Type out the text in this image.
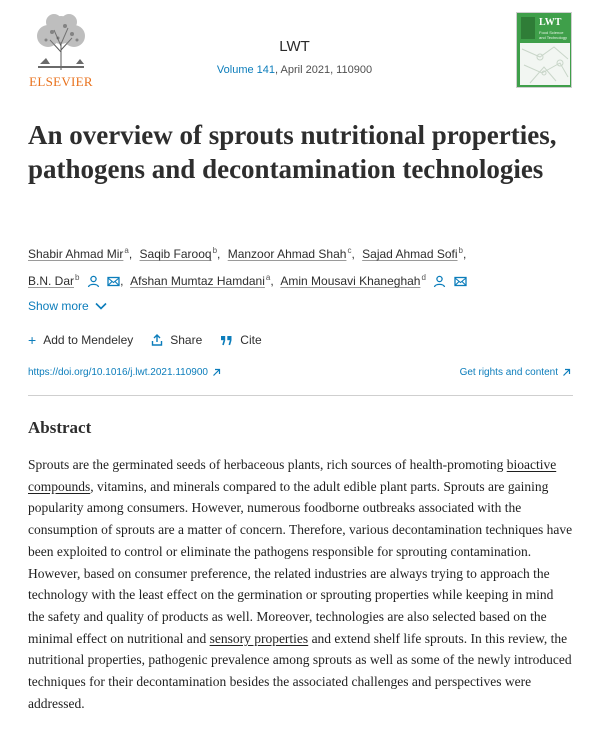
ELSEVIER
LWT
Volume 141, April 2021, 110900
LWT
Food Science and Technology
An overview of sprouts nutritional properties, pathogens and decontamination technologies
Shabir Ahmad Mir$^a$, Saqib Farooq$^b$, Manzoor Ahmad Shah$^c$, Sajad Ahmad Sofi$^b$,
B.N. Dar$^b$	, Afshan Mumtaz Hamdani$^a$, Amin Mousavi Khaneghah$^d$
Show more
+ Add to Mendeley	Share	Cite
https://doi.org/10.1016/j.lwt.2021.110900	Get rights and content
Abstract

Sprouts are the germinated seeds of herbaceous plants, rich sources of health-promoting bioactive compounds, vitamins, and minerals compared to the adult edible plant parts. Sprouts are gaining popularity among consumers. However, numerous foodborne outbreaks associated with the consumption of sprouts are a matter of concern. Therefore, various decontamination techniques have been exploited to control or eliminate the pathogens responsible for sprouting contamination. However, based on consumer preference, the related industries are always trying to approach the technology with the least effect on the germination or sprouting properties while keeping in mind the safety and quality of products as well. Moreover, technologies are also selected based on the minimal effect on nutritional and sensory properties and extend shelf life sprouts. In this review, the nutritional properties, pathogenic prevalence among sprouts as well as some of the newly introduced techniques for their decontamination besides the associated challenges and perspectives were addressed.
